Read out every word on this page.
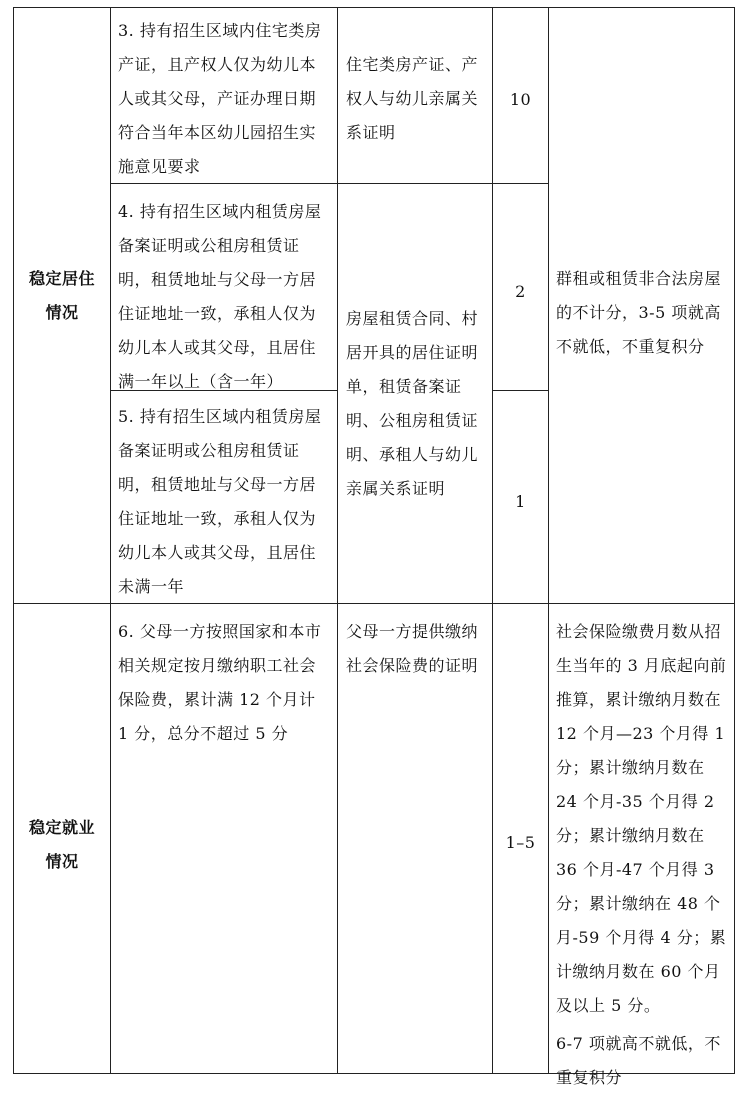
稳定居住
情况
3. 持有招生区域内住宅类房产证，且产权人仅为幼儿本人或其父母，产证办理日期符合当年本区幼儿园招生实施意见要求
住宅类房产证、产权人与幼儿亲属关系证明
10
4. 持有招生区域内租赁房屋备案证明或公租房租赁证明，租赁地址与父母一方居住证地址一致，承租人仅为幼儿本人或其父母，且居住满一年以上（含一年）
2
5. 持有招生区域内租赁房屋备案证明或公租房租赁证明，租赁地址与父母一方居住证地址一致，承租人仅为幼儿本人或其父母，且居住未满一年
1
房屋租赁合同、村居开具的居住证明单，租赁备案证明、公租房租赁证明、承租人与幼儿亲属关系证明
群租或租赁非合法房屋的不计分，3-5 项就高不就低，不重复积分
稳定就业
情况
6. 父母一方按照国家和本市相关规定按月缴纳职工社会保险费，累计满 12 个月计 1 分，总分不超过 5 分
父母一方提供缴纳社会保险费的证明
1–5

社会保险缴费月数从招生当年的 3 月底起向前推算，累计缴纳月数在 12 个月—23 个月得 1 分；累计缴纳月数在 24 个月-35 个月得 2 分；累计缴纳月数在 36 个月-47 个月得 3 分；累计缴纳在 48 个月-59 个月得 4 分；累计缴纳月数在 60 个月及以上 5 分。

6-7 项就高不就低，不重复积分
